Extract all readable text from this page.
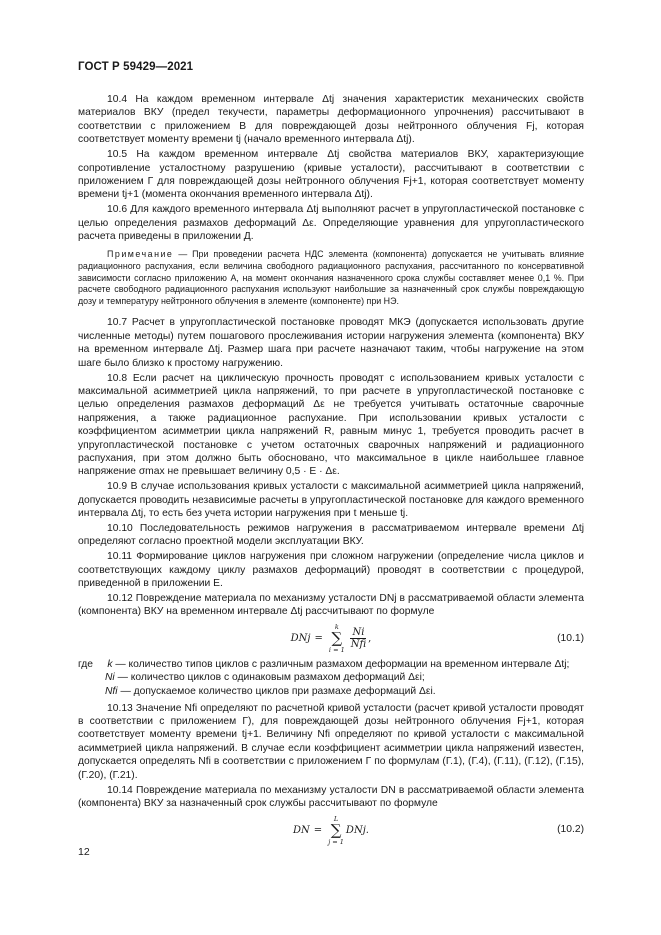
ГОСТ Р 59429—2021

10.4 На каждом временном интервале Δtj значения характеристик механических свойств материалов ВКУ (предел текучести, параметры деформационного упрочнения) рассчитывают в соответствии с приложением В для повреждающей дозы нейтронного облучения Fj, которая соответствует моменту времени tj (начало временного интервала Δtj).

10.5 На каждом временном интервале Δtj свойства материалов ВКУ, характеризующие сопротивление усталостному разрушению (кривые усталости), рассчитывают в соответствии с приложением Г для повреждающей дозы нейтронного облучения Fj+1, которая соответствует моменту времени tj+1 (момента окончания временного интервала Δtj).

10.6 Для каждого временного интервала Δtj выполняют расчет в упругопластической постановке с целью определения размахов деформаций Δε. Определяющие уравнения для упругопластического расчета приведены в приложении Д.

Примечание — При проведении расчета НДС элемента (компонента) допускается не учитывать влияние радиационного распухания, если величина свободного радиационного распухания, рассчитанного по консервативной зависимости согласно приложению А, на момент окончания назначенного срока службы составляет менее 0,1 %. При расчете свободного радиационного распухания используют наибольшие за назначенный срок службы повреждающую дозу и температуру нейтронного облучения в элементе (компоненте) при НЭ.

10.7 Расчет в упругопластической постановке проводят МКЭ (допускается использовать другие численные методы) путем пошагового прослеживания истории нагружения элемента (компонента) ВКУ на временном интервале Δtj. Размер шага при расчете назначают таким, чтобы нагружение на этом шаге было близко к простому нагружению.

10.8 Если расчет на циклическую прочность проводят с использованием кривых усталости с максимальной асимметрией цикла напряжений, то при расчете в упругопластической постановке с целью определения размахов деформаций Δε не требуется учитывать остаточные сварочные напряжения, а также радиационное распухание. При использовании кривых усталости с коэффициентом асимметрии цикла напряжений R, равным минус 1, требуется проводить расчет в упругопластической постановке с учетом остаточных сварочных напряжений и радиационного распухания, при этом должно быть обосновано, что максимальное в цикле наибольшее главное напряжение σmax не превышает величину 0,5 · E · Δε.

10.9 В случае использования кривых усталости с максимальной асимметрией цикла напряжений, допускается проводить независимые расчеты в упругопластической постановке для каждого временного интервала Δtj, то есть без учета истории нагружения при t меньше tj.

10.10 Последовательность режимов нагружения в рассматриваемом интервале времени Δtj определяют согласно проектной модели эксплуатации ВКУ.

10.11 Формирование циклов нагружения при сложном нагружении (определение числа циклов и соответствующих каждому циклу размахов деформаций) проводят в соответствии с процедурой, приведенной в приложении Е.

10.12 Повреждение материала по механизму усталости DNj в рассматриваемой области элемента (компонента) ВКУ на временном интервале Δtj рассчитывают по формуле

DNj =
k
∑
$i = 1 \frac{Ni}{\text{Nfi}}$ ,	(10.1)
где k — количество типов циклов с различным размахом деформации на временном интервале Δtj;
Ni — количество циклов с одинаковым размахом деформаций Δεi;
Nfi — допускаемое количество циклов при размахе деформаций Δεi.

10.13 Значение Nfi определяют по расчетной кривой усталости (расчет кривой усталости проводят в соответствии с приложением Г), для повреждающей дозы нейтронного облучения Fj+1, которая соответствует моменту времени tj+1. Величину Nfi определяют по кривой усталости с максимальной асимметрией цикла напряжений. В случае если коэффициент асимметрии цикла напряжений известен, допускается определять Nfi в соответствии с приложением Г по формулам (Г.1), (Г.4), (Г.11), (Г.12), (Г.15), (Г.20), (Г.21).

10.14 Повреждение материала по механизму усталости DN в рассматриваемой области элемента (компонента) ВКУ за назначенный срок службы рассчитывают по формуле

DN =
L
∑
j = 1
DNj .	(10.2)
12
